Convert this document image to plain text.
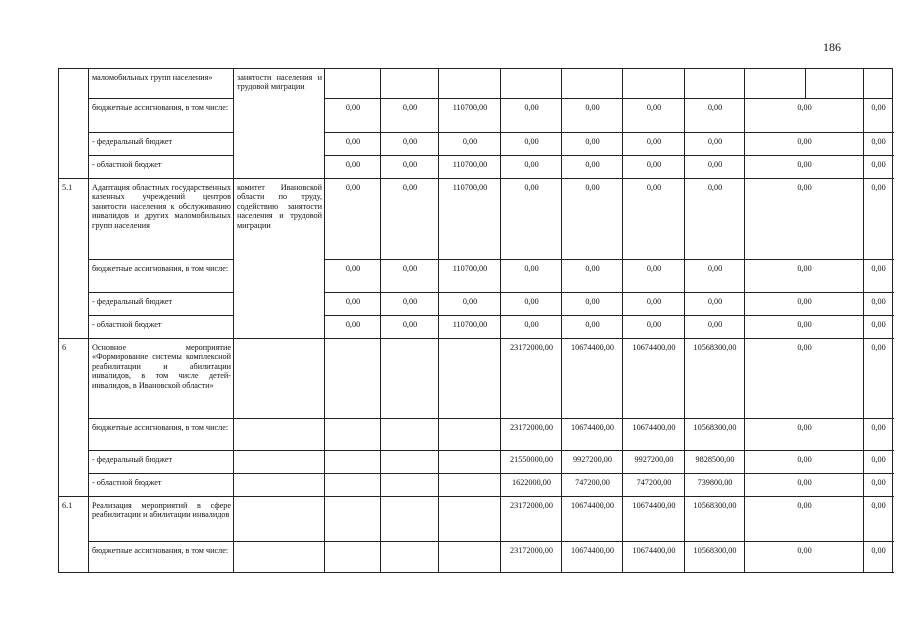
186
	маломобильных групп населения»	занятости населения и трудовой миграции										
	бюджетные ассигнования, в том числе:		0,00	0,00	110700,00	0,00	0,00	0,00	0,00	0,00		0,00
	- федеральный бюджет		0,00	0,00	0,00	0,00	0,00	0,00	0,00	0,00		0,00
	- областной бюджет		0,00	0,00	110700,00	0,00	0,00	0,00	0,00	0,00		0,00
5.1	Адаптация областных государственных казенных учреждений центров занятости населения к обслуживанию инвалидов и других маломобильных групп населения	комитет Ивановской области по труду, содействию занятости населения и трудовой миграции	0,00	0,00	110700,00	0,00	0,00	0,00	0,00	0,00		0,00
	бюджетные ассигнования, в том числе:		0,00	0,00	110700,00	0,00	0,00	0,00	0,00	0,00		0,00
	- федеральный бюджет		0,00	0,00	0,00	0,00	0,00	0,00	0,00	0,00		0,00
	- областной бюджет		0,00	0,00	110700,00	0,00	0,00	0,00	0,00	0,00		0,00
6	Основное мероприятие «Формирование системы комплексной реабилитации и абилитации инвалидов, в том числе детей-инвалидов, в Ивановской области»					23172000,00	10674400,00	10674400,00	10568300,00	0,00		0,00
	бюджетные ассигнования, в том числе:					23172000,00	10674400,00	10674400,00	10568300,00	0,00		0,00
	- федеральный бюджет					21550000,00	9927200,00	9927200,00	9828500,00	0,00		0,00
	- областной бюджет					1622000,00	747200,00	747200,00	739800,00	0,00		0,00
6.1	Реализация мероприятий в сфере реабилитации и абилитации инвалидов					23172000,00	10674400,00	10674400,00	10568300,00	0,00		0,00
	бюджетные ассигнования, в том числе:					23172000,00	10674400,00	10674400,00	10568300,00	0,00		0,00
